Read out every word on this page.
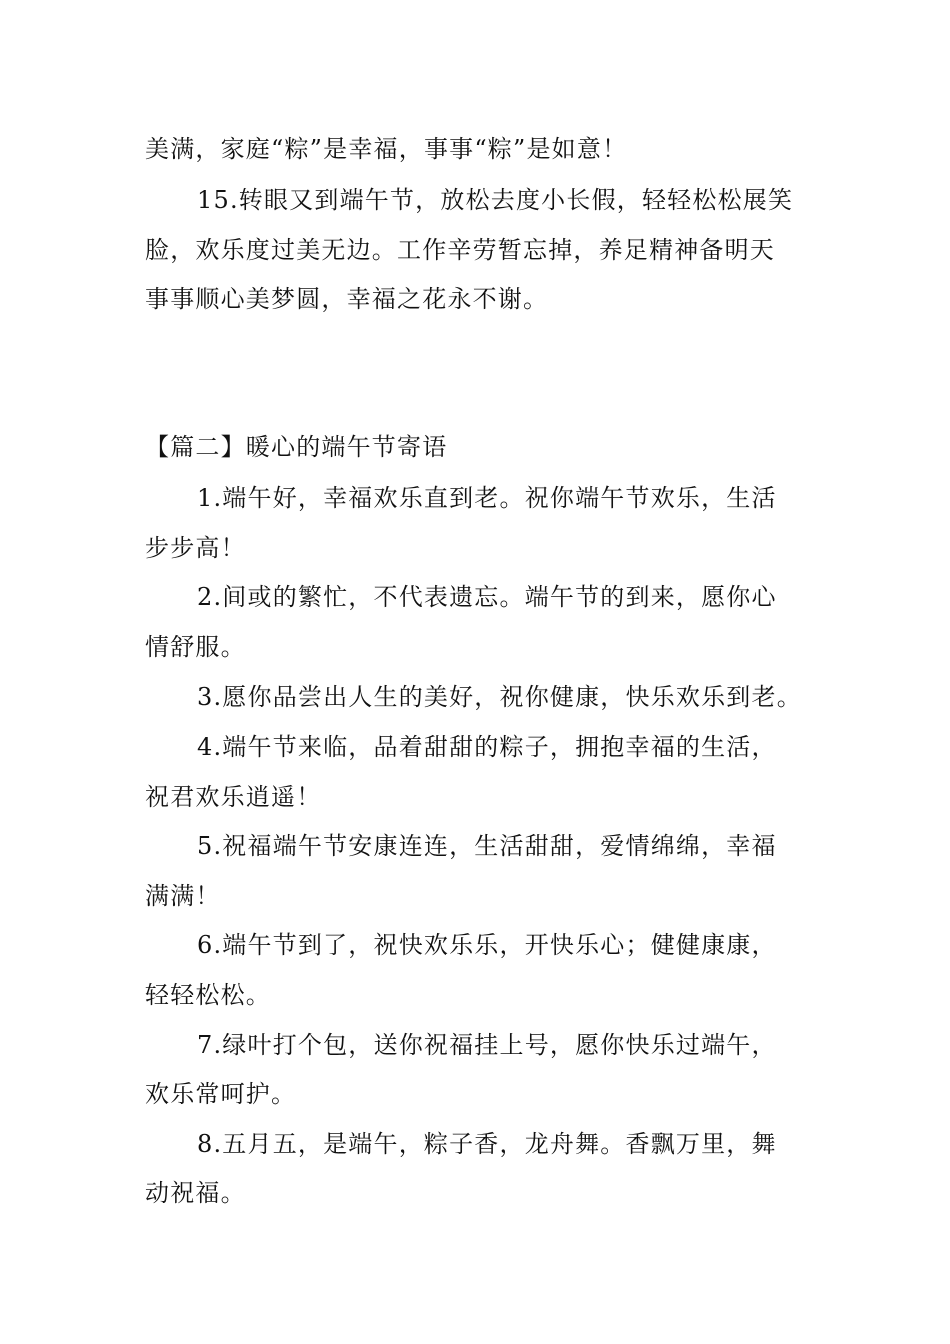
美满，家庭“粽”是幸福，事事“粽”是如意！
15.转眼又到端午节，放松去度小长假，轻轻松松展笑
脸，欢乐度过美无边。工作辛劳暂忘掉，养足精神备明天
事事顺心美梦圆，幸福之花永不谢。
【篇二】暖心的端午节寄语
1.端午好，幸福欢乐直到老。祝你端午节欢乐，生活
步步高！
2.间或的繁忙，不代表遗忘。端午节的到来，愿你心
情舒服。
3.愿你品尝出人生的美好，祝你健康，快乐欢乐到老。
4.端午节来临，品着甜甜的粽子，拥抱幸福的生活，
祝君欢乐逍遥！
5.祝福端午节安康连连，生活甜甜，爱情绵绵，幸福
满满！
6.端午节到了，祝快欢乐乐，开快乐心；健健康康，
轻轻松松。
7.绿叶打个包，送你祝福挂上号，愿你快乐过端午，
欢乐常呵护。
8.五月五，是端午，粽子香，龙舟舞。香飘万里，舞
动祝福。
